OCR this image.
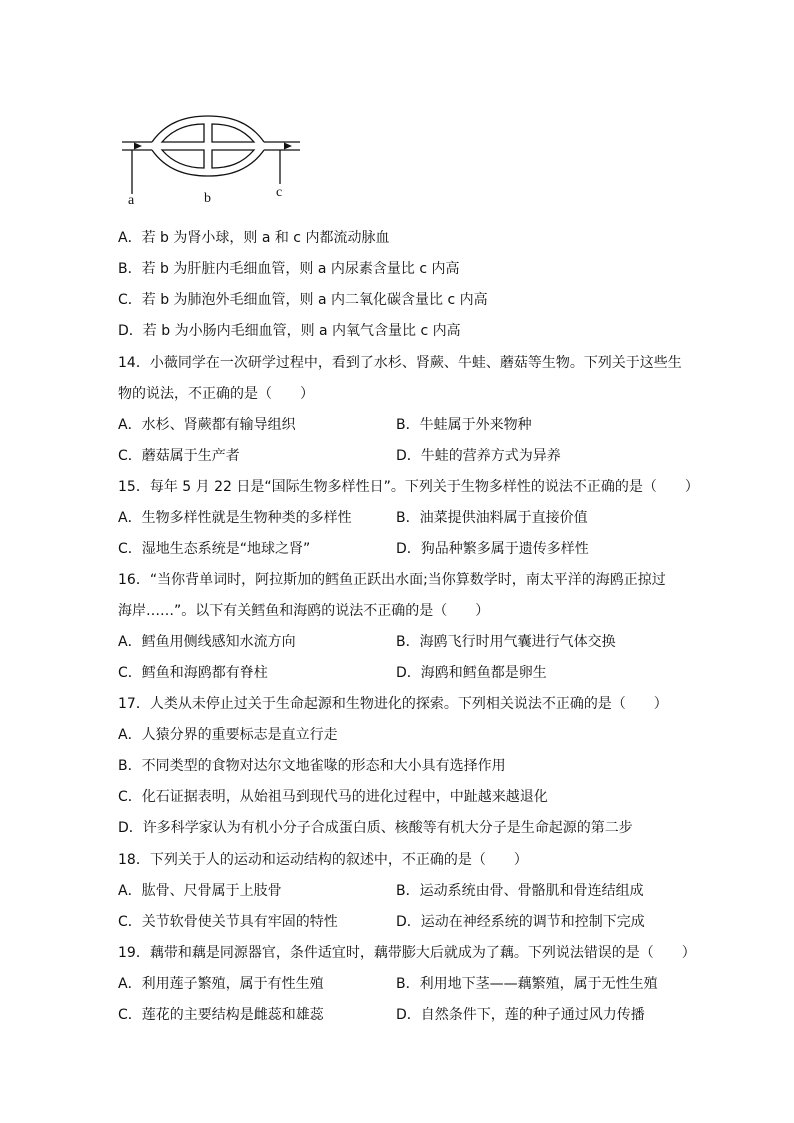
a	b	c
A．若 b 为肾小球，则 a 和 c 内都流动脉血
B．若 b 为肝脏内毛细血管，则 a 内尿素含量比 c 内高
C．若 b 为肺泡外毛细血管，则 a 内二氧化碳含量比 c 内高
D．若 b 为小肠内毛细血管，则 a 内氧气含量比 c 内高
14．小薇同学在一次研学过程中，看到了水杉、肾蕨、牛蛙、蘑菇等生物。下列关于这些生
物的说法，不正确的是（　　）
A．水杉、肾蕨都有输导组织	B．牛蛙属于外来物种
C．蘑菇属于生产者	D．牛蛙的营养方式为异养
15．每年 5 月 22 日是“国际生物多样性日”。下列关于生物多样性的说法不正确的是（　　）
A．生物多样性就是生物种类的多样性	B．油菜提供油料属于直接价值
C．湿地生态系统是“地球之肾”	D．狗品种繁多属于遗传多样性
16．“当你背单词时，阿拉斯加的鳕鱼正跃出水面;当你算数学时，南太平洋的海鸥正掠过
海岸……”。以下有关鳕鱼和海鸥的说法不正确的是（　　）
A．鳕鱼用侧线感知水流方向	B．海鸥飞行时用气囊进行气体交换
C．鳕鱼和海鸥都有脊柱	D．海鸥和鳕鱼都是卵生
17．人类从未停止过关于生命起源和生物进化的探索。下列相关说法不正确的是（　　）
A．人猿分界的重要标志是直立行走
B．不同类型的食物对达尔文地雀喙的形态和大小具有选择作用
C．化石证据表明，从始祖马到现代马的进化过程中，中趾越来越退化
D．许多科学家认为有机小分子合成蛋白质、核酸等有机大分子是生命起源的第二步
18．下列关于人的运动和运动结构的叙述中，不正确的是（　　）
A．肱骨、尺骨属于上肢骨	B．运动系统由骨、骨骼肌和骨连结组成
C．关节软骨使关节具有牢固的特性	D．运动在神经系统的调节和控制下完成
19．藕带和藕是同源器官，条件适宜时，藕带膨大后就成为了藕。下列说法错误的是（　　）
A．利用莲子繁殖，属于有性生殖	B．利用地下茎——藕繁殖，属于无性生殖
C．莲花的主要结构是雌蕊和雄蕊	D．自然条件下，莲的种子通过风力传播
